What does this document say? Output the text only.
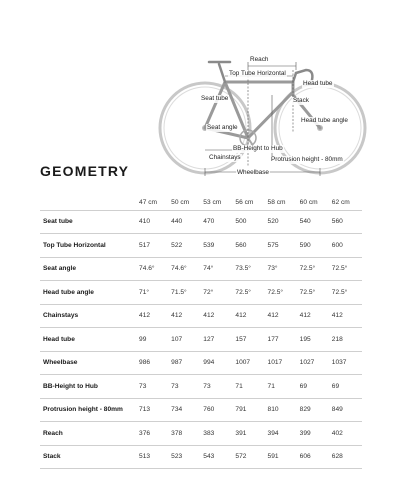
Reach
Top Tube Horizontal
Head tube
Seat tube	Stack
Head tube angle
Seat angle
BB-Height to Hub
Chainstays	Protrusion height - 80mm
Wheelbase
GEOMETRY
	47 cm	50 cm	53 cm	56 cm	58 cm	60 cm	62 cm
Seat tube	410	440	470	500	520	540	560
Top Tube Horizontal	517	522	539	560	575	590	600
Seat angle	74.6°	74.6°	74°	73.5°	73°	72.5°	72.5°
Head tube angle	71°	71.5°	72°	72.5°	72.5°	72.5°	72.5°
Chainstays	412	412	412	412	412	412	412
Head tube	99	107	127	157	177	195	218
Wheelbase	986	987	994	1007	1017	1027	1037
BB-Height to Hub	73	73	73	71	71	69	69
Protrusion height - 80mm	713	734	760	791	810	829	849
Reach	376	378	383	391	394	399	402
Stack	513	523	543	572	591	606	628
